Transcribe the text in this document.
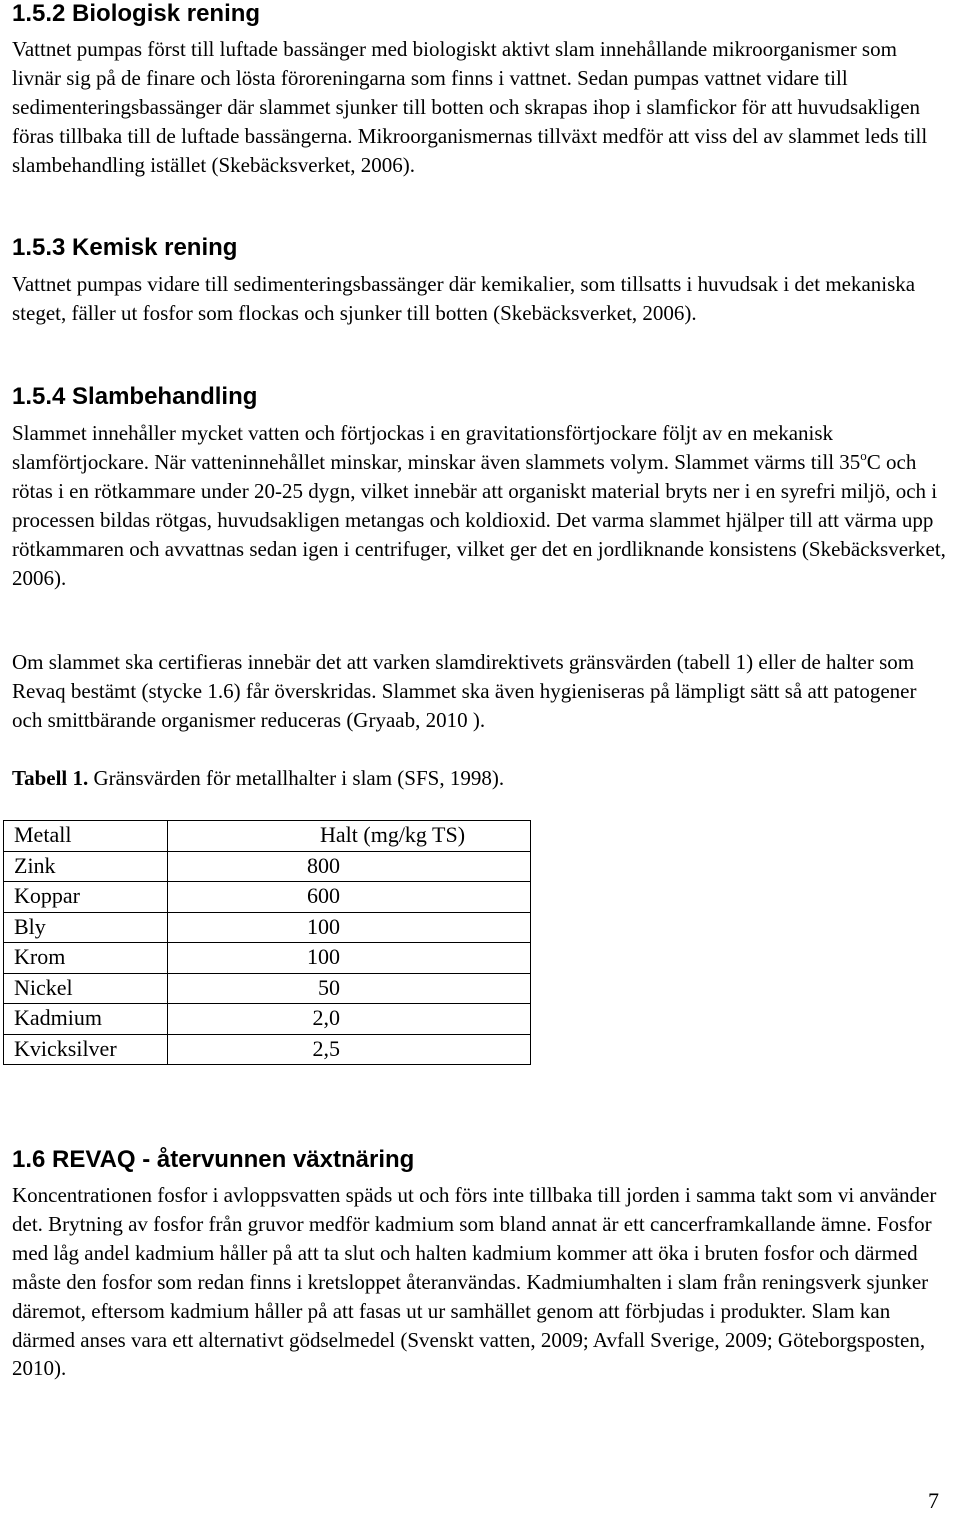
1.5.2 Biologisk rening

Vattnet pumpas först till luftade bassänger med biologiskt aktivt slam innehållande mikroorganismer som livnär sig på de finare och lösta föroreningarna som finns i vattnet. Sedan pumpas vattnet vidare till sedimenteringsbassänger där slammet sjunker till botten och skrapas ihop i slamfickor för att huvudsakligen föras tillbaka till de luftade bassängerna. Mikroorganismernas tillväxt medför att viss del av slammet leds till slambehandling istället (Skebäcksverket, 2006).

1.5.3 Kemisk rening

Vattnet pumpas vidare till sedimenteringsbassänger där kemikalier, som tillsatts i huvudsak i det mekaniska steget, fäller ut fosfor som flockas och sjunker till botten (Skebäcksverket, 2006).

1.5.4 Slambehandling

Slammet innehåller mycket vatten och förtjockas i en gravitationsförtjockare följt av en mekanisk slamförtjockare. När vatteninnehållet minskar, minskar även slammets volym. Slammet värms till 35$^o$C och rötas i en rötkammare under 20-25 dygn, vilket innebär att organiskt material bryts ner i en syrefri miljö, och i processen bildas rötgas, huvudsakligen metangas och koldioxid. Det varma slammet hjälper till att värma upp rötkammaren och avvattnas sedan igen i centrifuger, vilket ger det en jordliknande konsistens (Skebäcksverket, 2006).

Om slammet ska certifieras innebär det att varken slamdirektivets gränsvärden (tabell 1) eller de halter som Revaq bestämt (stycke 1.6) får överskridas. Slammet ska även hygieniseras på lämpligt sätt så att patogener och smittbärande organismer reduceras (Gryaab, 2010 ).

Tabell 1. Gränsvärden för metallhalter i slam (SFS, 1998).

Metall	Halt (mg/kg TS)
Zink	800
Koppar	600
Bly	100
Krom	100
Nickel	50
Kadmium	2,0
Kvicksilver	2,5
1.6 REVAQ - återvunnen växtnäring

Koncentrationen fosfor i avloppsvatten späds ut och förs inte tillbaka till jorden i samma takt som vi använder det. Brytning av fosfor från gruvor medför kadmium som bland annat är ett cancerframkallande ämne. Fosfor med låg andel kadmium håller på att ta slut och halten kadmium kommer att öka i bruten fosfor och därmed måste den fosfor som redan finns i kretsloppet återanvändas. Kadmiumhalten i slam från reningsverk sjunker däremot, eftersom kadmium håller på att fasas ut ur samhället genom att förbjudas i produkter. Slam kan därmed anses vara ett alternativt gödselmedel (Svenskt vatten, 2009; Avfall Sverige, 2009; Göteborgsposten, 2010).

7
